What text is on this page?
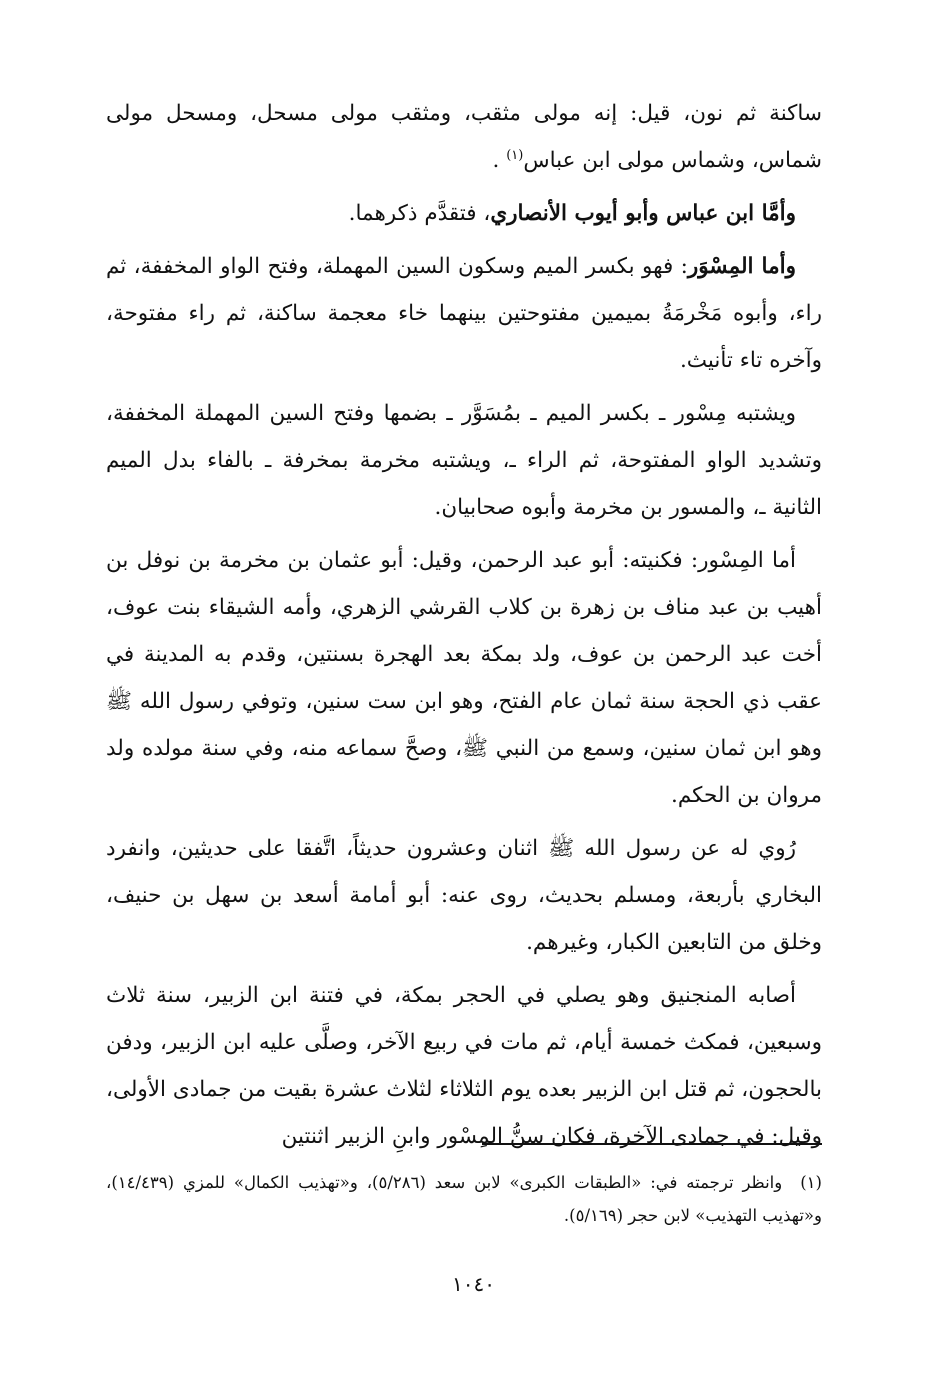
ساكنة ثم نون، قيل: إنه مولى مثقب، ومثقب مولى مسحل، ومسحل مولى شماس، وشماس مولى ابن عباس$^{(١)}$ .

وأمَّا ابن عباس وأبو أيوب الأنصاري، فتقدَّم ذكرهما.

وأما المِسْوَر: فهو بكسر الميم وسكون السين المهملة، وفتح الواو المخففة، ثم راء، وأبوه مَخْرمَةُ بميمين مفتوحتين بينهما خاء معجمة ساكنة، ثم راء مفتوحة، وآخره تاء تأنيث.

ويشتبه مِسْور ـ بكسر الميم ـ بمُسَوَّر ـ بضمها وفتح السين المهملة المخففة، وتشديد الواو المفتوحة، ثم الراء ـ، ويشتبه مخرمة بمخرفة ـ بالفاء بدل الميم الثانية ـ، والمسور بن مخرمة وأبوه صحابيان.

أما المِسْور: فكنيته: أبو عبد الرحمن، وقيل: أبو عثمان بن مخرمة بن نوفل بن أهيب بن عبد مناف بن زهرة بن كلاب القرشي الزهري، وأمه الشيقاء بنت عوف، أخت عبد الرحمن بن عوف، ولد بمكة بعد الهجرة بسنتين، وقدم به المدينة في عقب ذي الحجة سنة ثمان عام الفتح، وهو ابن ست سنين، وتوفي رسول الله ﷺ وهو ابن ثمان سنين، وسمع من النبي ﷺ، وصحَّ سماعه منه، وفي سنة مولده ولد مروان بن الحكم.

رُوي له عن رسول الله ﷺ اثنان وعشرون حديثاً، اتَّفقا على حديثين، وانفرد البخاري بأربعة، ومسلم بحديث، روى عنه: أبو أمامة أسعد بن سهل بن حنيف، وخلق من التابعين الكبار، وغيرهم.

أصابه المنجنيق وهو يصلي في الحجر بمكة، في فتنة ابن الزبير، سنة ثلاث وسبعين، فمكث خمسة أيام، ثم مات في ربيع الآخر، وصلَّى عليه ابن الزبير، ودفن بالحجون، ثم قتل ابن الزبير بعده يوم الثلاثاء لثلاث عشرة بقيت من جمادى الأولى، وقيل: في جمادى الآخرة، فكان سنُّ المِسْور وابنِ الزبير اثنتين

(١)وانظر ترجمته في: «الطبقات الكبرى» لابن سعد (٥/٢٨٦)، و«تهذيب الكمال» للمزي (١٤/٤٣٩)، و«تهذيب التهذيب» لابن حجر (٥/١٦٩).
١٠٤٠
